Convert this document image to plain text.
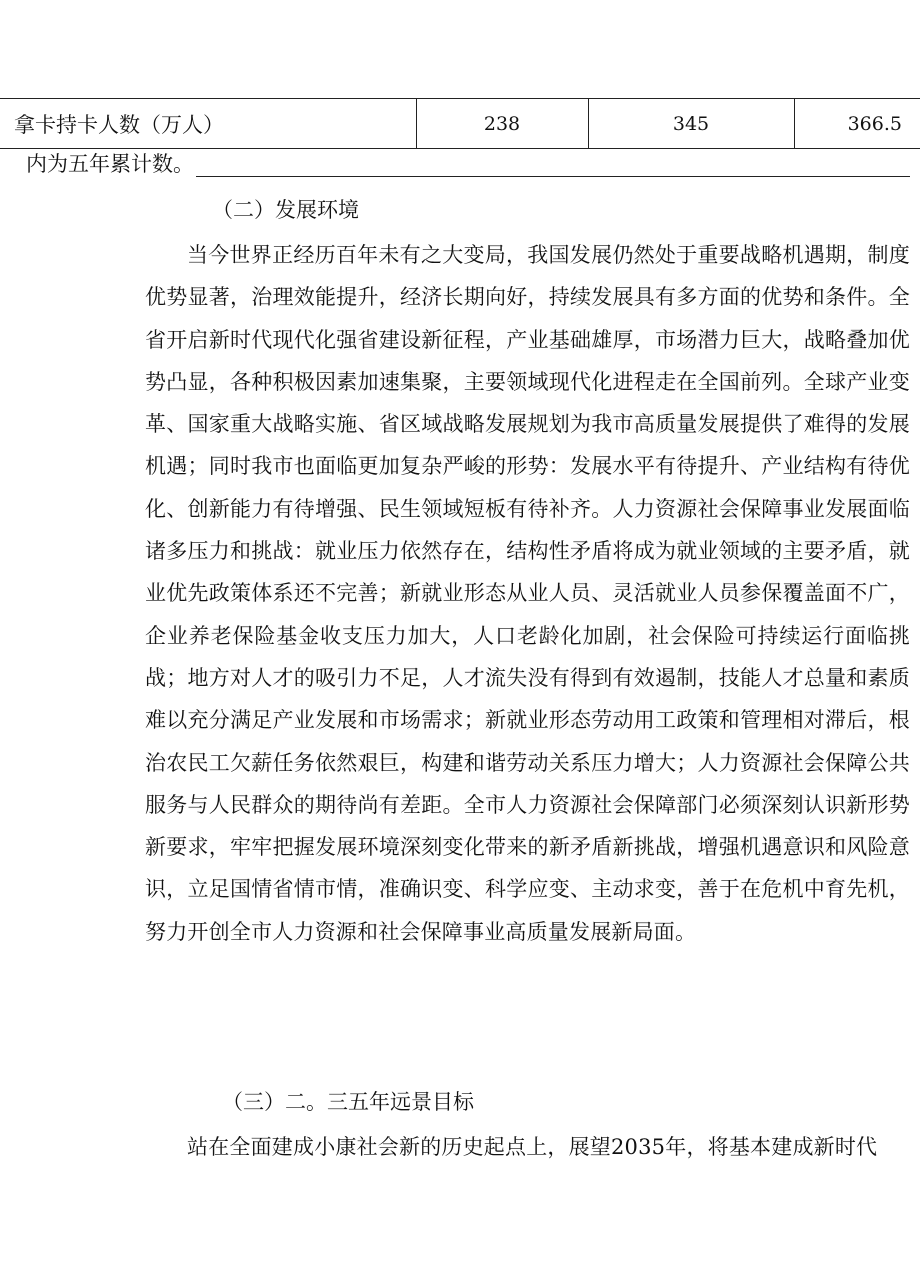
拿卡持卡人数（万人）	238	345	366.5
内为五年累计数。
（二）发展环境
当今世界正经历百年未有之大变局，我国发展仍然处于重要战略机遇期，制度优势显著，治理效能提升，经济长期向好，持续发展具有多方面的优势和条件。全省开启新时代现代化强省建设新征程，产业基础雄厚，市场潜力巨大，战略叠加优势凸显，各种积极因素加速集聚，主要领域现代化进程走在全国前列。全球产业变革、国家重大战略实施、省区域战略发展规划为我市高质量发展提供了难得的发展机遇；同时我市也面临更加复杂严峻的形势：发展水平有待提升、产业结构有待优化、创新能力有待增强、民生领域短板有待补齐。人力资源社会保障事业发展面临诸多压力和挑战：就业压力依然存在，结构性矛盾将成为就业领域的主要矛盾，就业优先政策体系还不完善；新就业形态从业人员、灵活就业人员参保覆盖面不广，企业养老保险基金收支压力加大，人口老龄化加剧，社会保险可持续运行面临挑战；地方对人才的吸引力不足，人才流失没有得到有效遏制，技能人才总量和素质难以充分满足产业发展和市场需求；新就业形态劳动用工政策和管理相对滞后，根治农民工欠薪任务依然艰巨，构建和谐劳动关系压力增大；人力资源社会保障公共服务与人民群众的期待尚有差距。全市人力资源社会保障部门必须深刻认识新形势新要求，牢牢把握发展环境深刻变化带来的新矛盾新挑战，增强机遇意识和风险意识，立足国情省情市情，准确识变、科学应变、主动求变，善于在危机中育先机，努力开创全市人力资源和社会保障事业高质量发展新局面。
（三）二。三五年远景目标
站在全面建成小康社会新的历史起点上，展望2035年，将基本建成新时代
